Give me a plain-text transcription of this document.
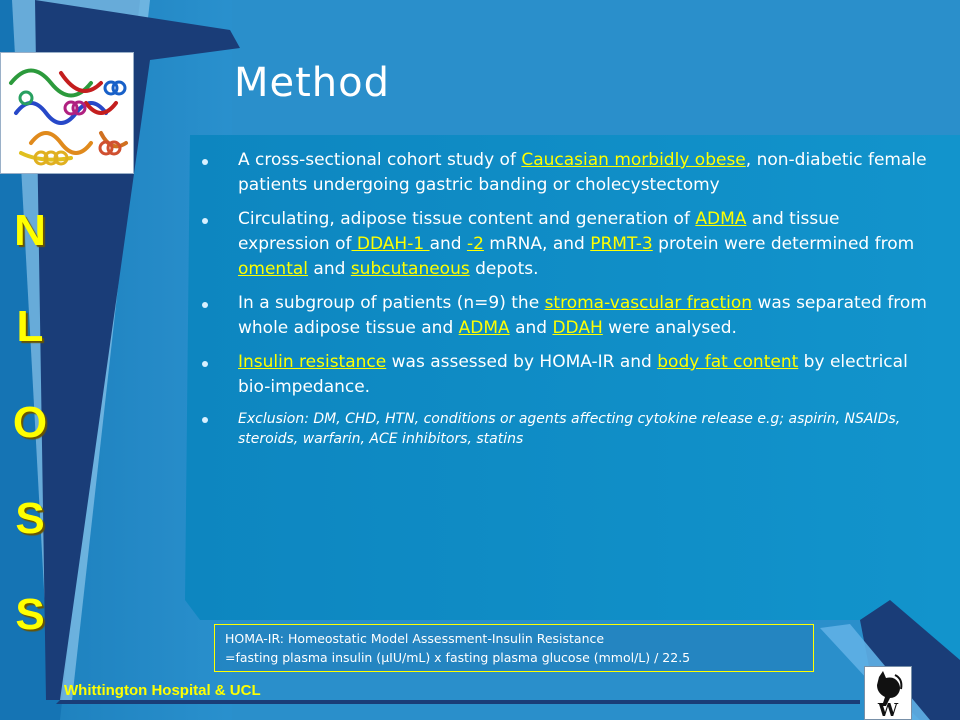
Method
N
L
O
S
S
A cross-sectional cohort study of Caucasian morbidly obese, non-diabetic female patients undergoing gastric banding or cholecystectomy
Circulating, adipose tissue content and generation of ADMA and tissue expression of DDAH-1 and -2 mRNA, and PRMT-3 protein were determined from omental and subcutaneous depots.
In a subgroup of patients (n=9) the stroma-vascular fraction was separated from whole adipose tissue and ADMA and DDAH were analysed.
Insulin resistance was assessed by HOMA-IR and body fat content by electrical bio-impedance.
Exclusion: DM, CHD, HTN, conditions or agents affecting cytokine release e.g; aspirin, NSAIDs, steroids, warfarin, ACE inhibitors, statins
HOMA-IR: Homeostatic Model Assessment-Insulin Resistance
=fasting plasma insulin (µIU/mL) x fasting plasma glucose (mmol/L) / 22.5
Whittington Hospital & UCL
W
